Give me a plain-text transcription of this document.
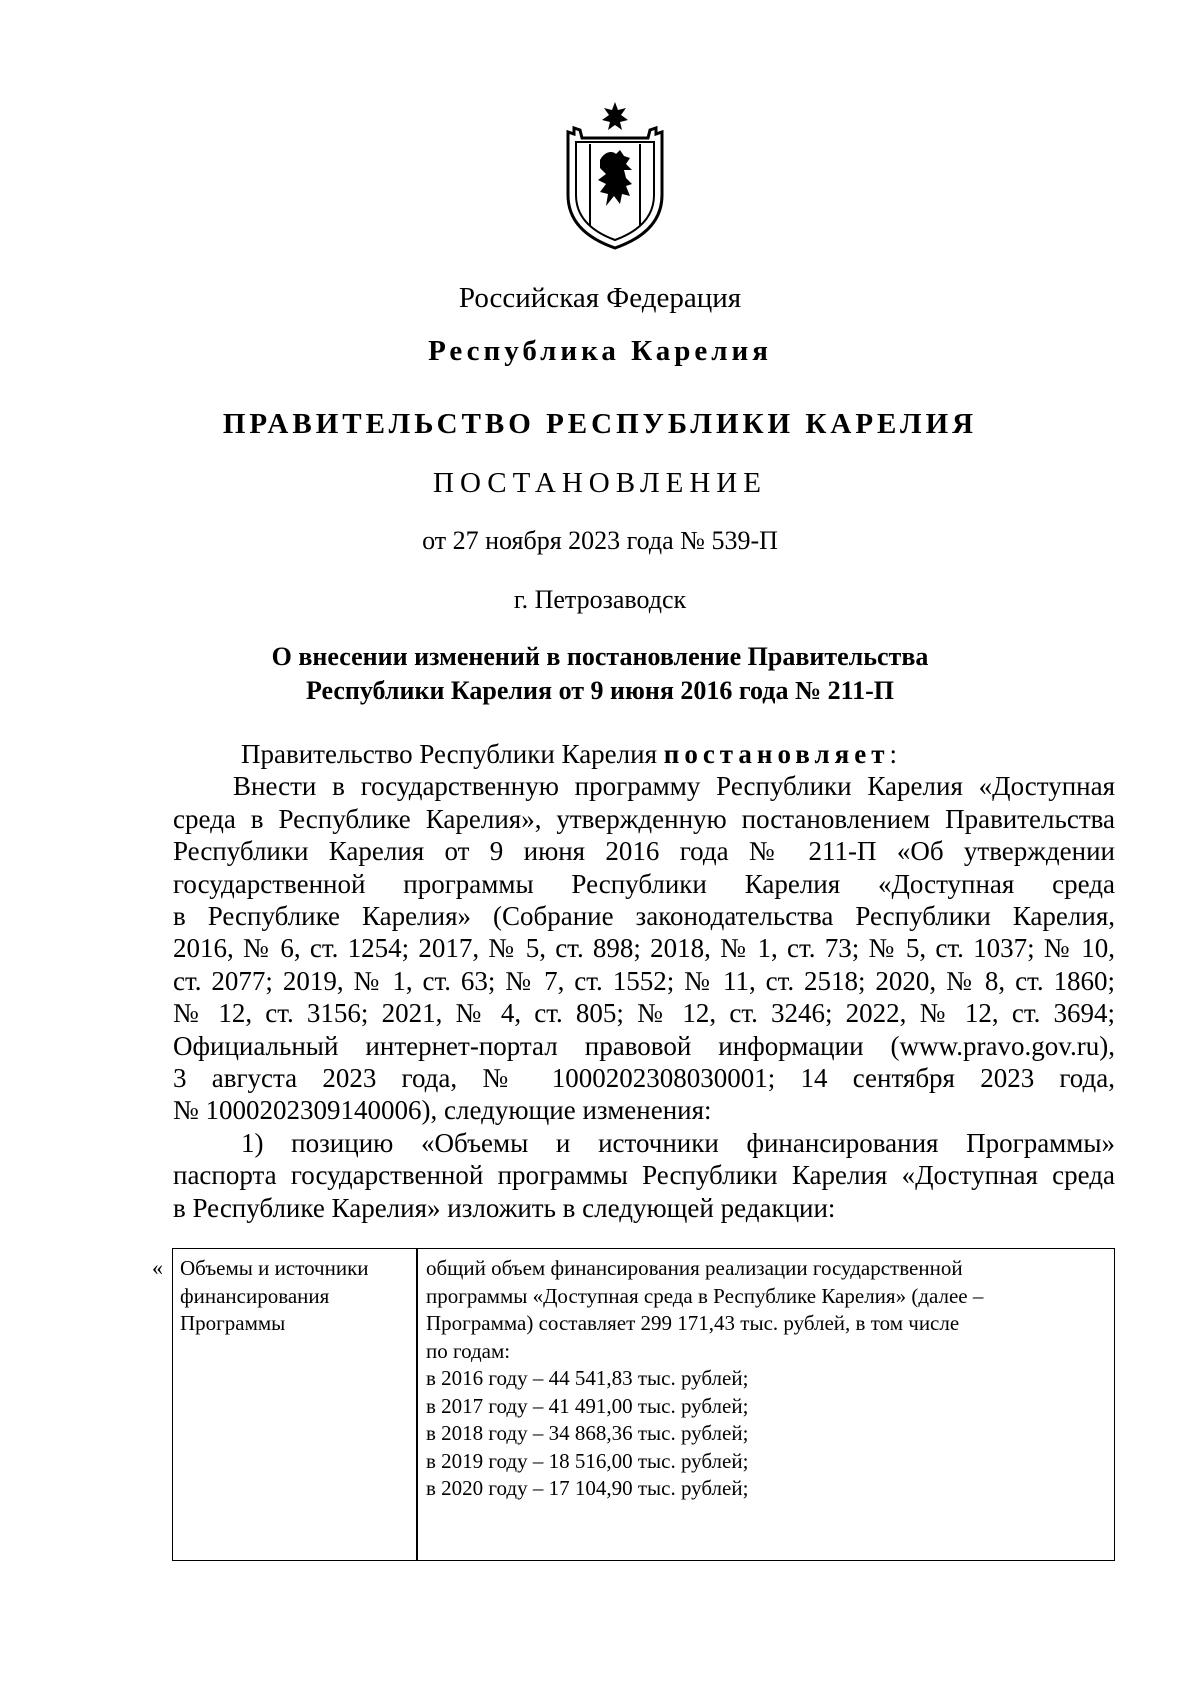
Российская Федерация
Республика Карелия
ПРАВИТЕЛЬСТВО РЕСПУБЛИКИ КАРЕЛИЯ
ПОСТАНОВЛЕНИЕ
от 27 ноября 2023 года № 539-П
г. Петрозаводск
О внесении изменений в постановление Правительства
Республики Карелия от 9 июня 2016 года № 211-П
Правительство Республики Карелия постановляет:
Внести в государственную программу Республики Карелия «Доступная
среда в Республике Карелия», утвержденную постановлением Правительства
Республики Карелия от 9 июня 2016 года № 211-П «Об утверждении
государственной программы Республики Карелия «Доступная среда
в Республике Карелия» (Собрание законодательства Республики Карелия,
2016, № 6, ст. 1254; 2017, № 5, ст. 898; 2018, № 1, ст. 73; № 5, ст. 1037; № 10,
ст. 2077; 2019, № 1, ст. 63; № 7, ст. 1552; № 11, ст. 2518; 2020, № 8, ст. 1860;
№ 12, ст. 3156; 2021, № 4, ст. 805; № 12, ст. 3246; 2022, № 12, ст. 3694;
Официальный интернет-портал правовой информации (www.pravo.gov.ru),
3 августа 2023 года, № 1000202308030001; 14 сентября 2023 года,
№ 1000202309140006), следующие изменения:
1) позицию «Объемы и источники финансирования Программы»
паспорта государственной программы Республики Карелия «Доступная среда
в Республике Карелия» изложить в следующей редакции:
« Объемы и источники
финансирования
Программы
общий объем финансирования реализации государственной
программы «Доступная среда в Республике Карелия» (далее –
Программа) составляет 299 171,43 тыс. рублей, в том числе
по годам:
в 2016 году – 44 541,83 тыс. рублей;
в 2017 году – 41 491,00 тыс. рублей;
в 2018 году – 34 868,36 тыс. рублей;
в 2019 году – 18 516,00 тыс. рублей;
в 2020 году – 17 104,90 тыс. рублей;
